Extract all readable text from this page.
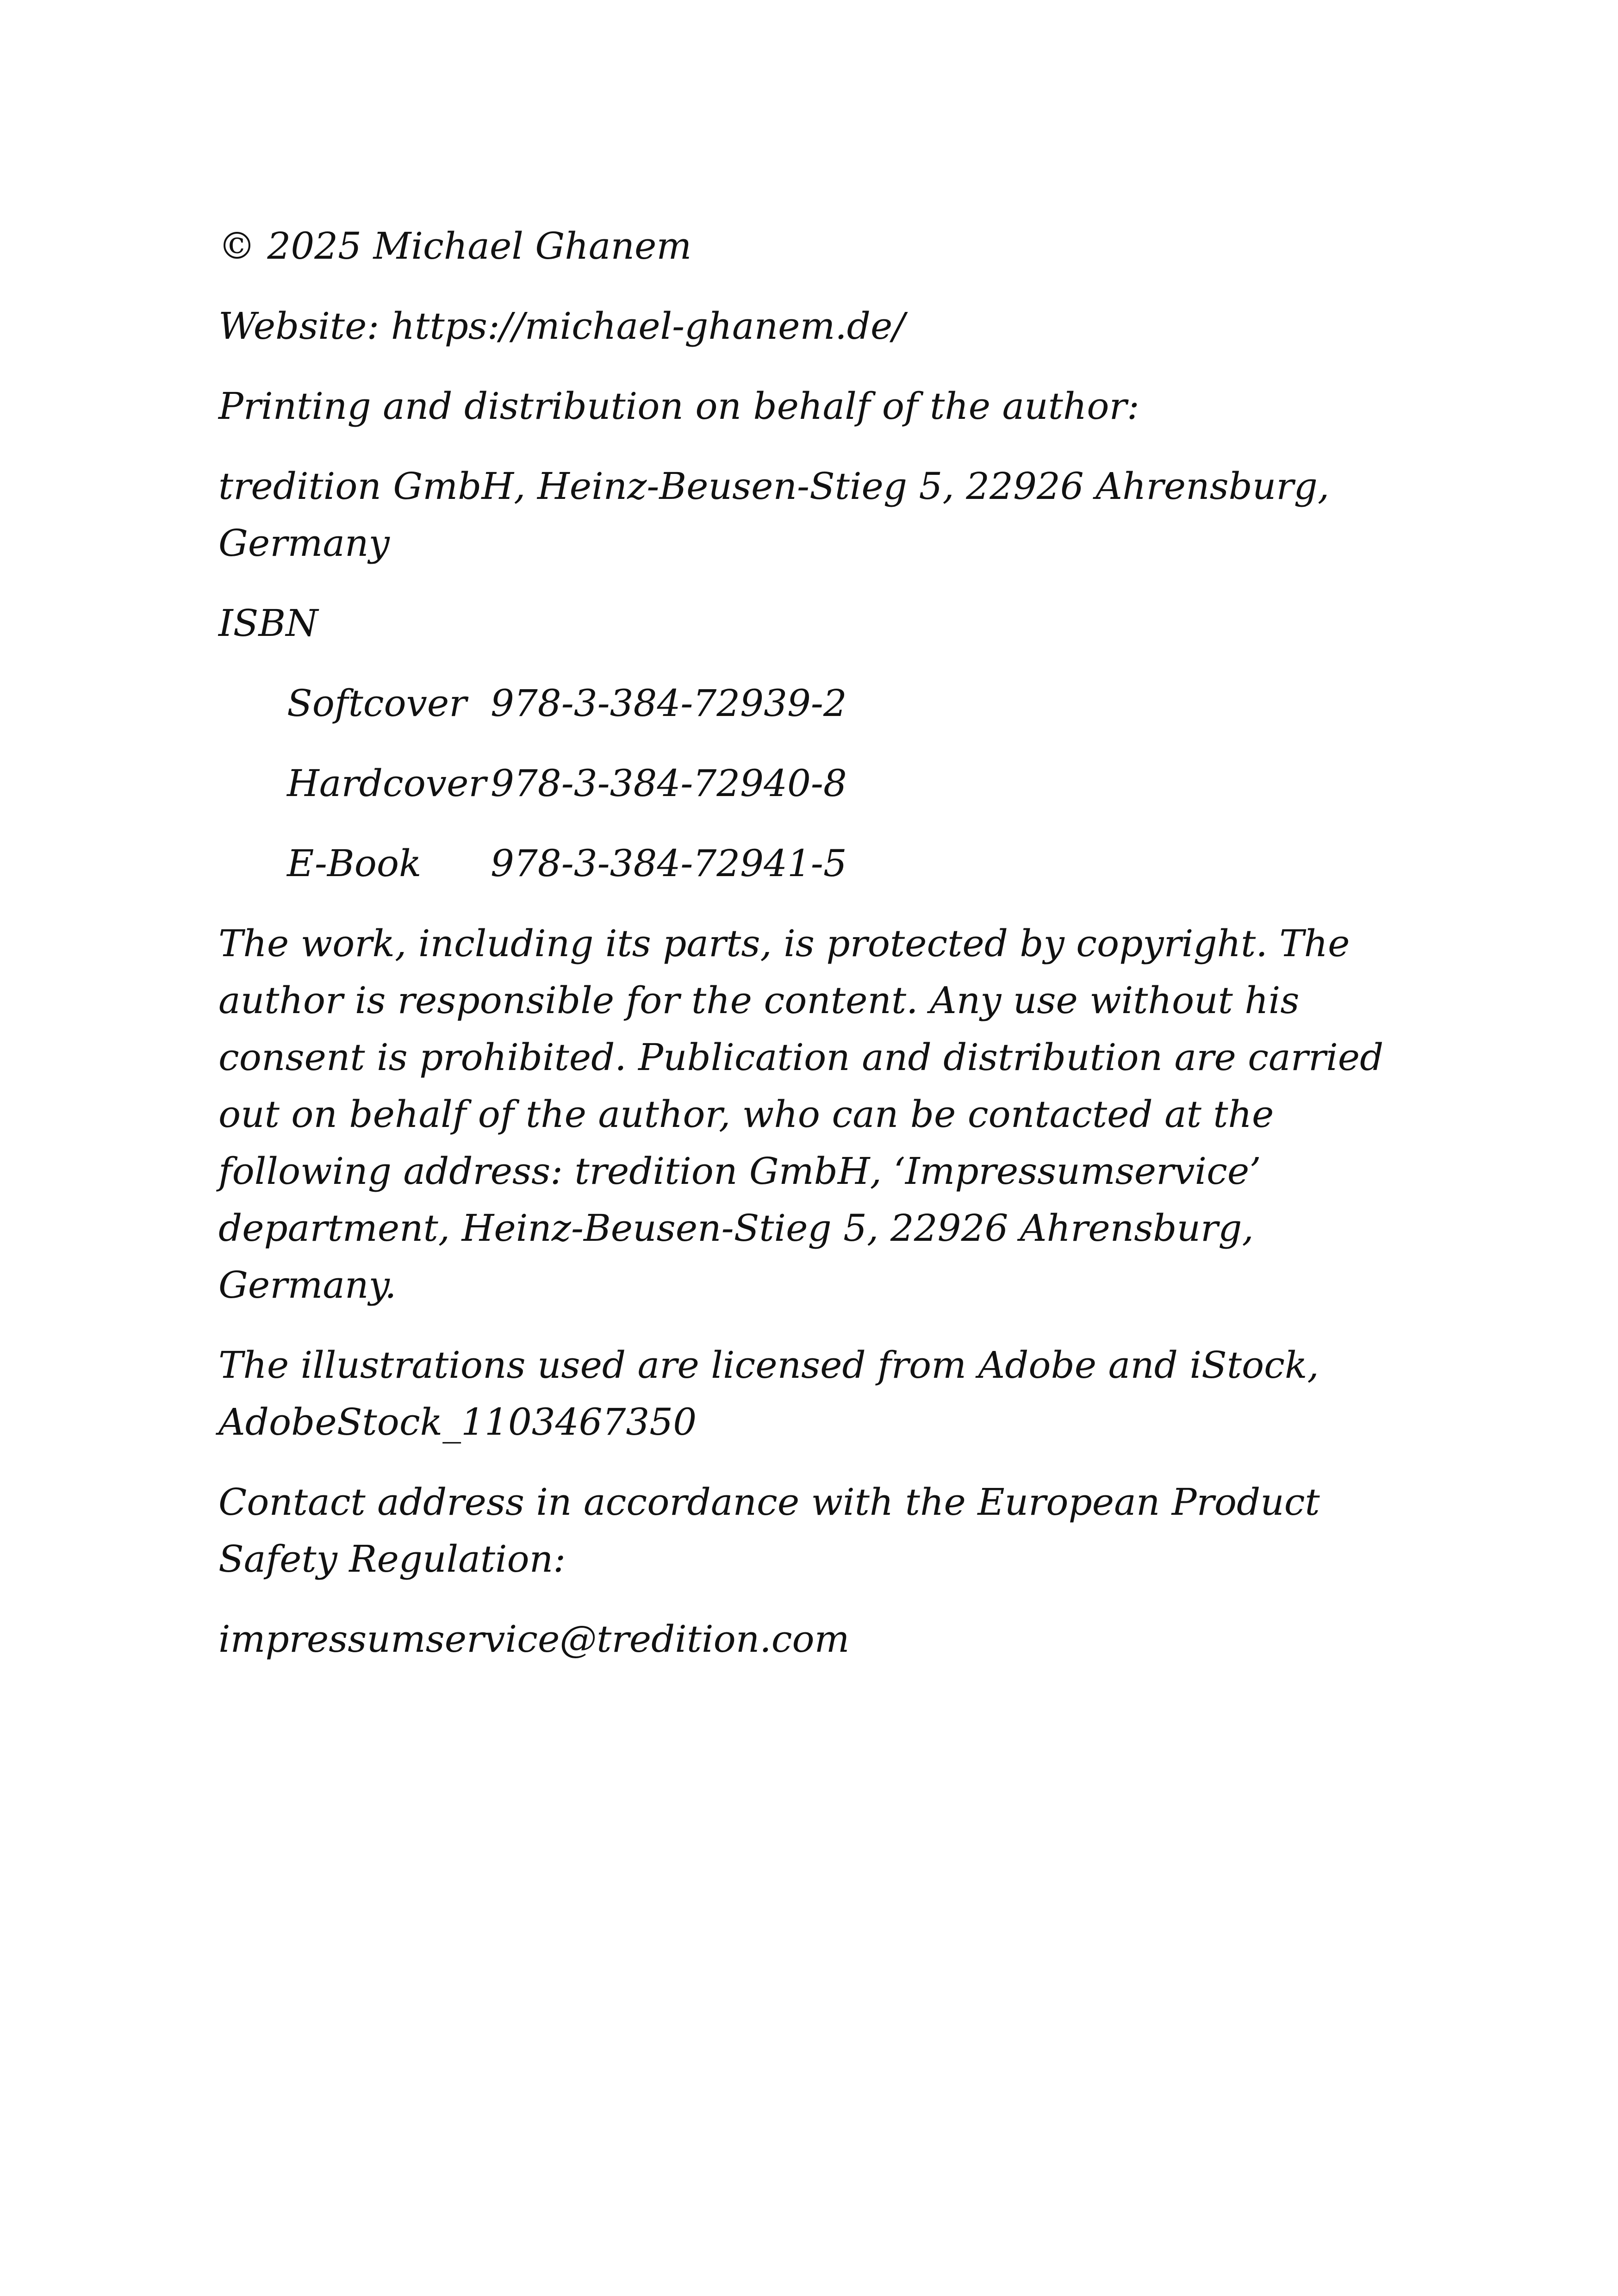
© 2025 Michael Ghanem

Website: https://michael-ghanem.de/

Printing and distribution on behalf of the author:

tredition GmbH, Heinz-Beusen-Stieg 5, 22926 Ahrensburg, Germany

ISBN

Softcover 978-3-384-72939-2
Hardcover 978-3-384-72940-8
E-Book	978-3-384-72941-5

The work, including its parts, is protected by copyright. The author is responsible for the content. Any use without his consent is prohibited. Publication and distribution are carried out on behalf of the author, who can be contacted at the following address: tredition GmbH, ‘Impressumservice’ department, Heinz-Beusen-Stieg 5, 22926 Ahrensburg, Germany.

The illustrations used are licensed from Adobe and iStock, AdobeStock_1103467350

Contact address in accordance with the European Product Safety Regulation:

impressumservice@tredition.com
